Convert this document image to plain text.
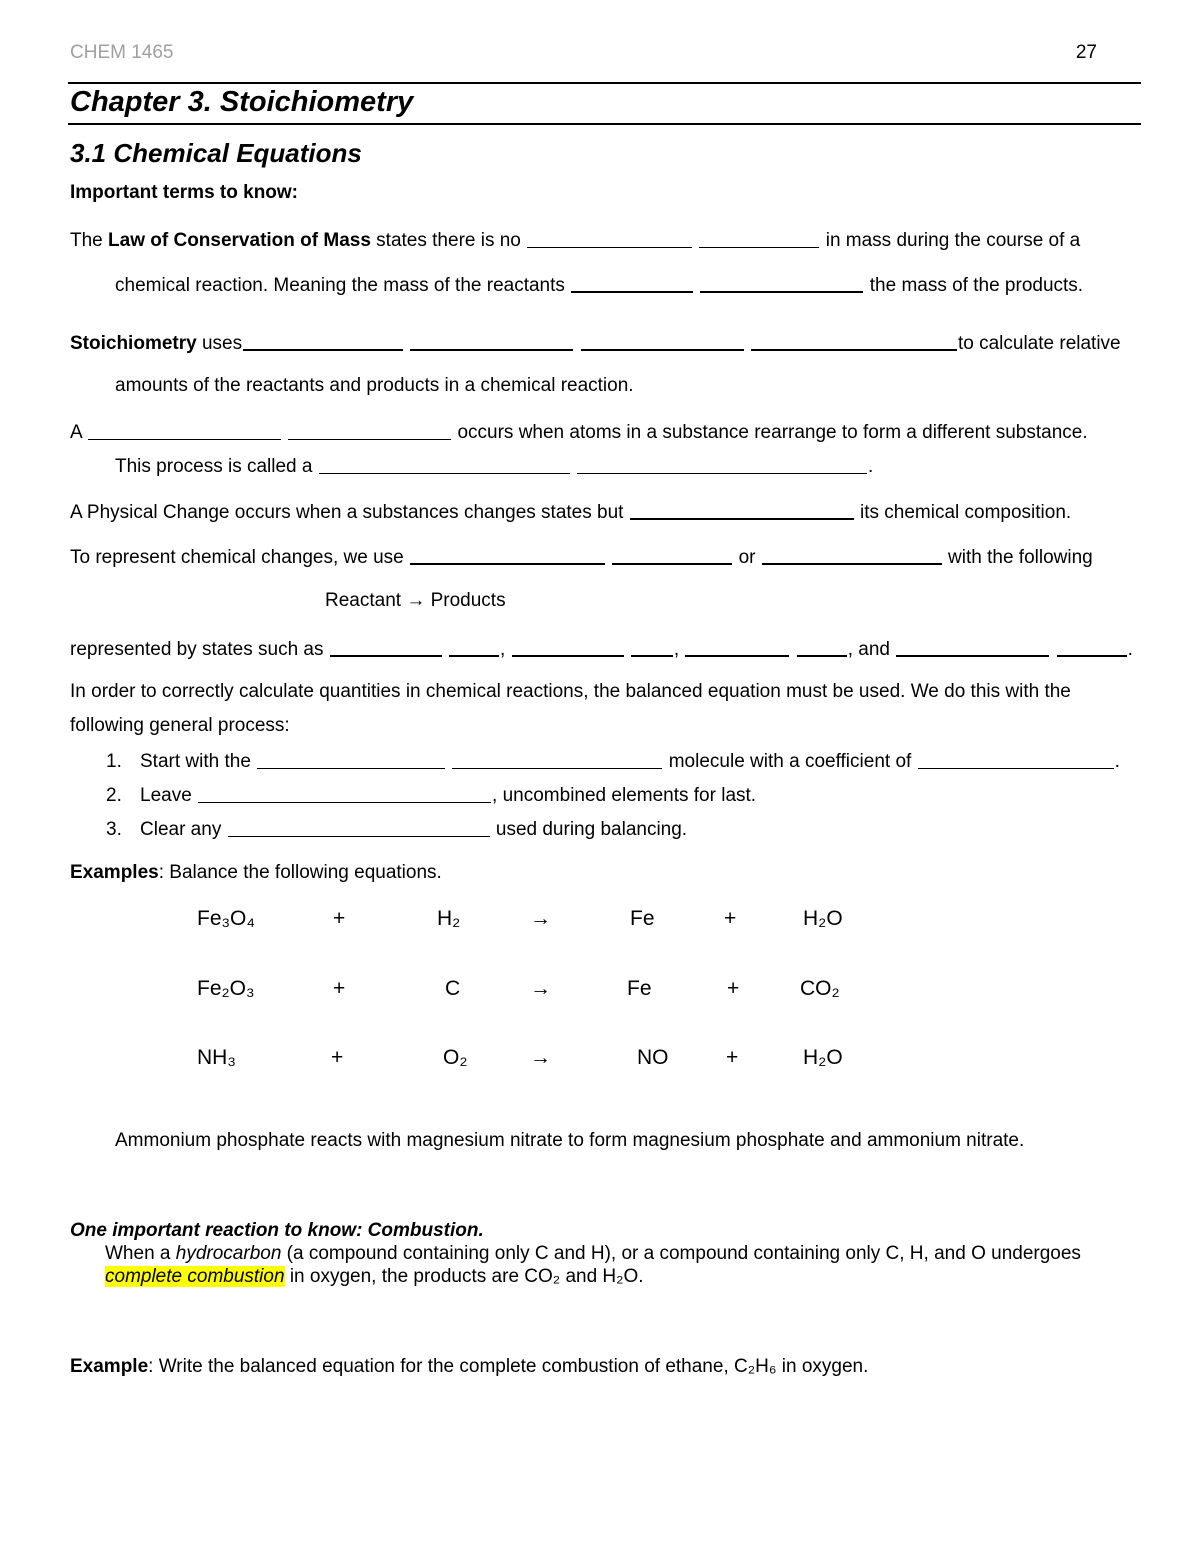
CHEM 1465	27
Chapter 3. Stoichiometry
3.1 Chemical Equations
Important terms to know:
The Law of Conservation of Mass states there is no	in mass during the course of a
chemical reaction. Meaning the mass of the reactants	the mass of the products.
Stoichiometry uses	to calculate relative
amounts of the reactants and products in a chemical reaction.
A	occurs when atoms in a substance rearrange to form a different substance.
This process is called a	.
A Physical Change occurs when a substances changes states but	its chemical composition.
To represent chemical changes, we use	or	with the following
Reactant → Products
represented by states such as	,	,	, and	.
In order to correctly calculate quantities in chemical reactions, the balanced equation must be used. We do this with the
following general process:
1. Start with the	molecule with a coefficient of	.
2. Leave	, uncombined elements for last.
3. Clear any	used during balancing.
Examples: Balance the following equations.
Fe₃O₄	+	H₂	→	Fe	+	H₂O
Fe₂O₃	+	C	→	Fe	+	CO₂
NH₃	+	O₂	→	NO	+	H₂O
Ammonium phosphate reacts with magnesium nitrate to form magnesium phosphate and ammonium nitrate.
One important reaction to know: Combustion.
When a hydrocarbon (a compound containing only C and H), or a compound containing only C, H, and O undergoes
complete combustion in oxygen, the products are CO₂ and H₂O.
Example: Write the balanced equation for the complete combustion of ethane, C₂H₆ in oxygen.
